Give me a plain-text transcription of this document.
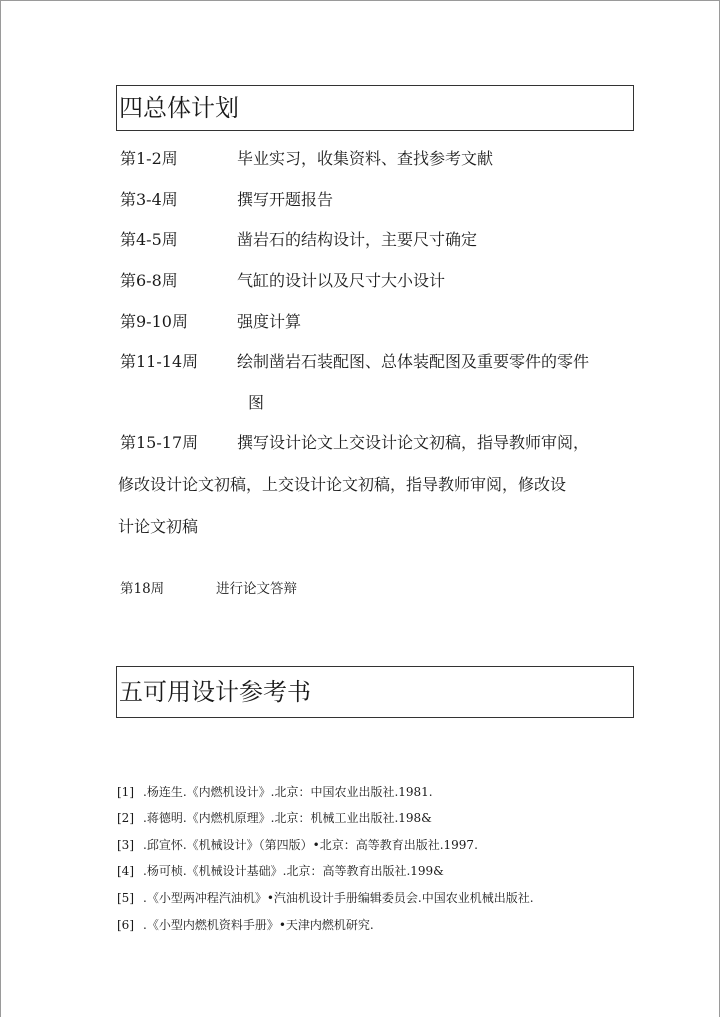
四总体计划
第1-2周	毕业实习，收集资料、查找参考文献
第3-4周	撰写开题报告
第4-5周	凿岩石的结构设计，主要尺寸确定
第6-8周	气缸的设计以及尺寸大小设计
第9-10周	强度计算
第11-14周 绘制凿岩石装配图、总体装配图及重要零件的零件
图
第15-17周 撰写设计论文上交设计论文初稿，指导教师审阅，
修改设计论文初稿，上交设计论文初稿，指导教师审阅，修改设
计论文初稿
第18周	进行论文答辩
五可用设计参考书
[1] .杨连生.《内燃机设计》.北京：中国农业出版社.1981.
[2] .蒋德明.《内燃机原理》.北京：机械工业出版社.198&
[3] .邱宣怀.《机械设计》（第四版）•北京：高等教育出版社.1997.
[4] .杨可桢.《机械设计基础》.北京：高等教育出版社.199&
[5] .《小型两冲程汽油机》•汽油机设计手册编辑委员会.中国农业机械出版社.
[6] .《小型内燃机资料手册》•天津内燃机研究.
